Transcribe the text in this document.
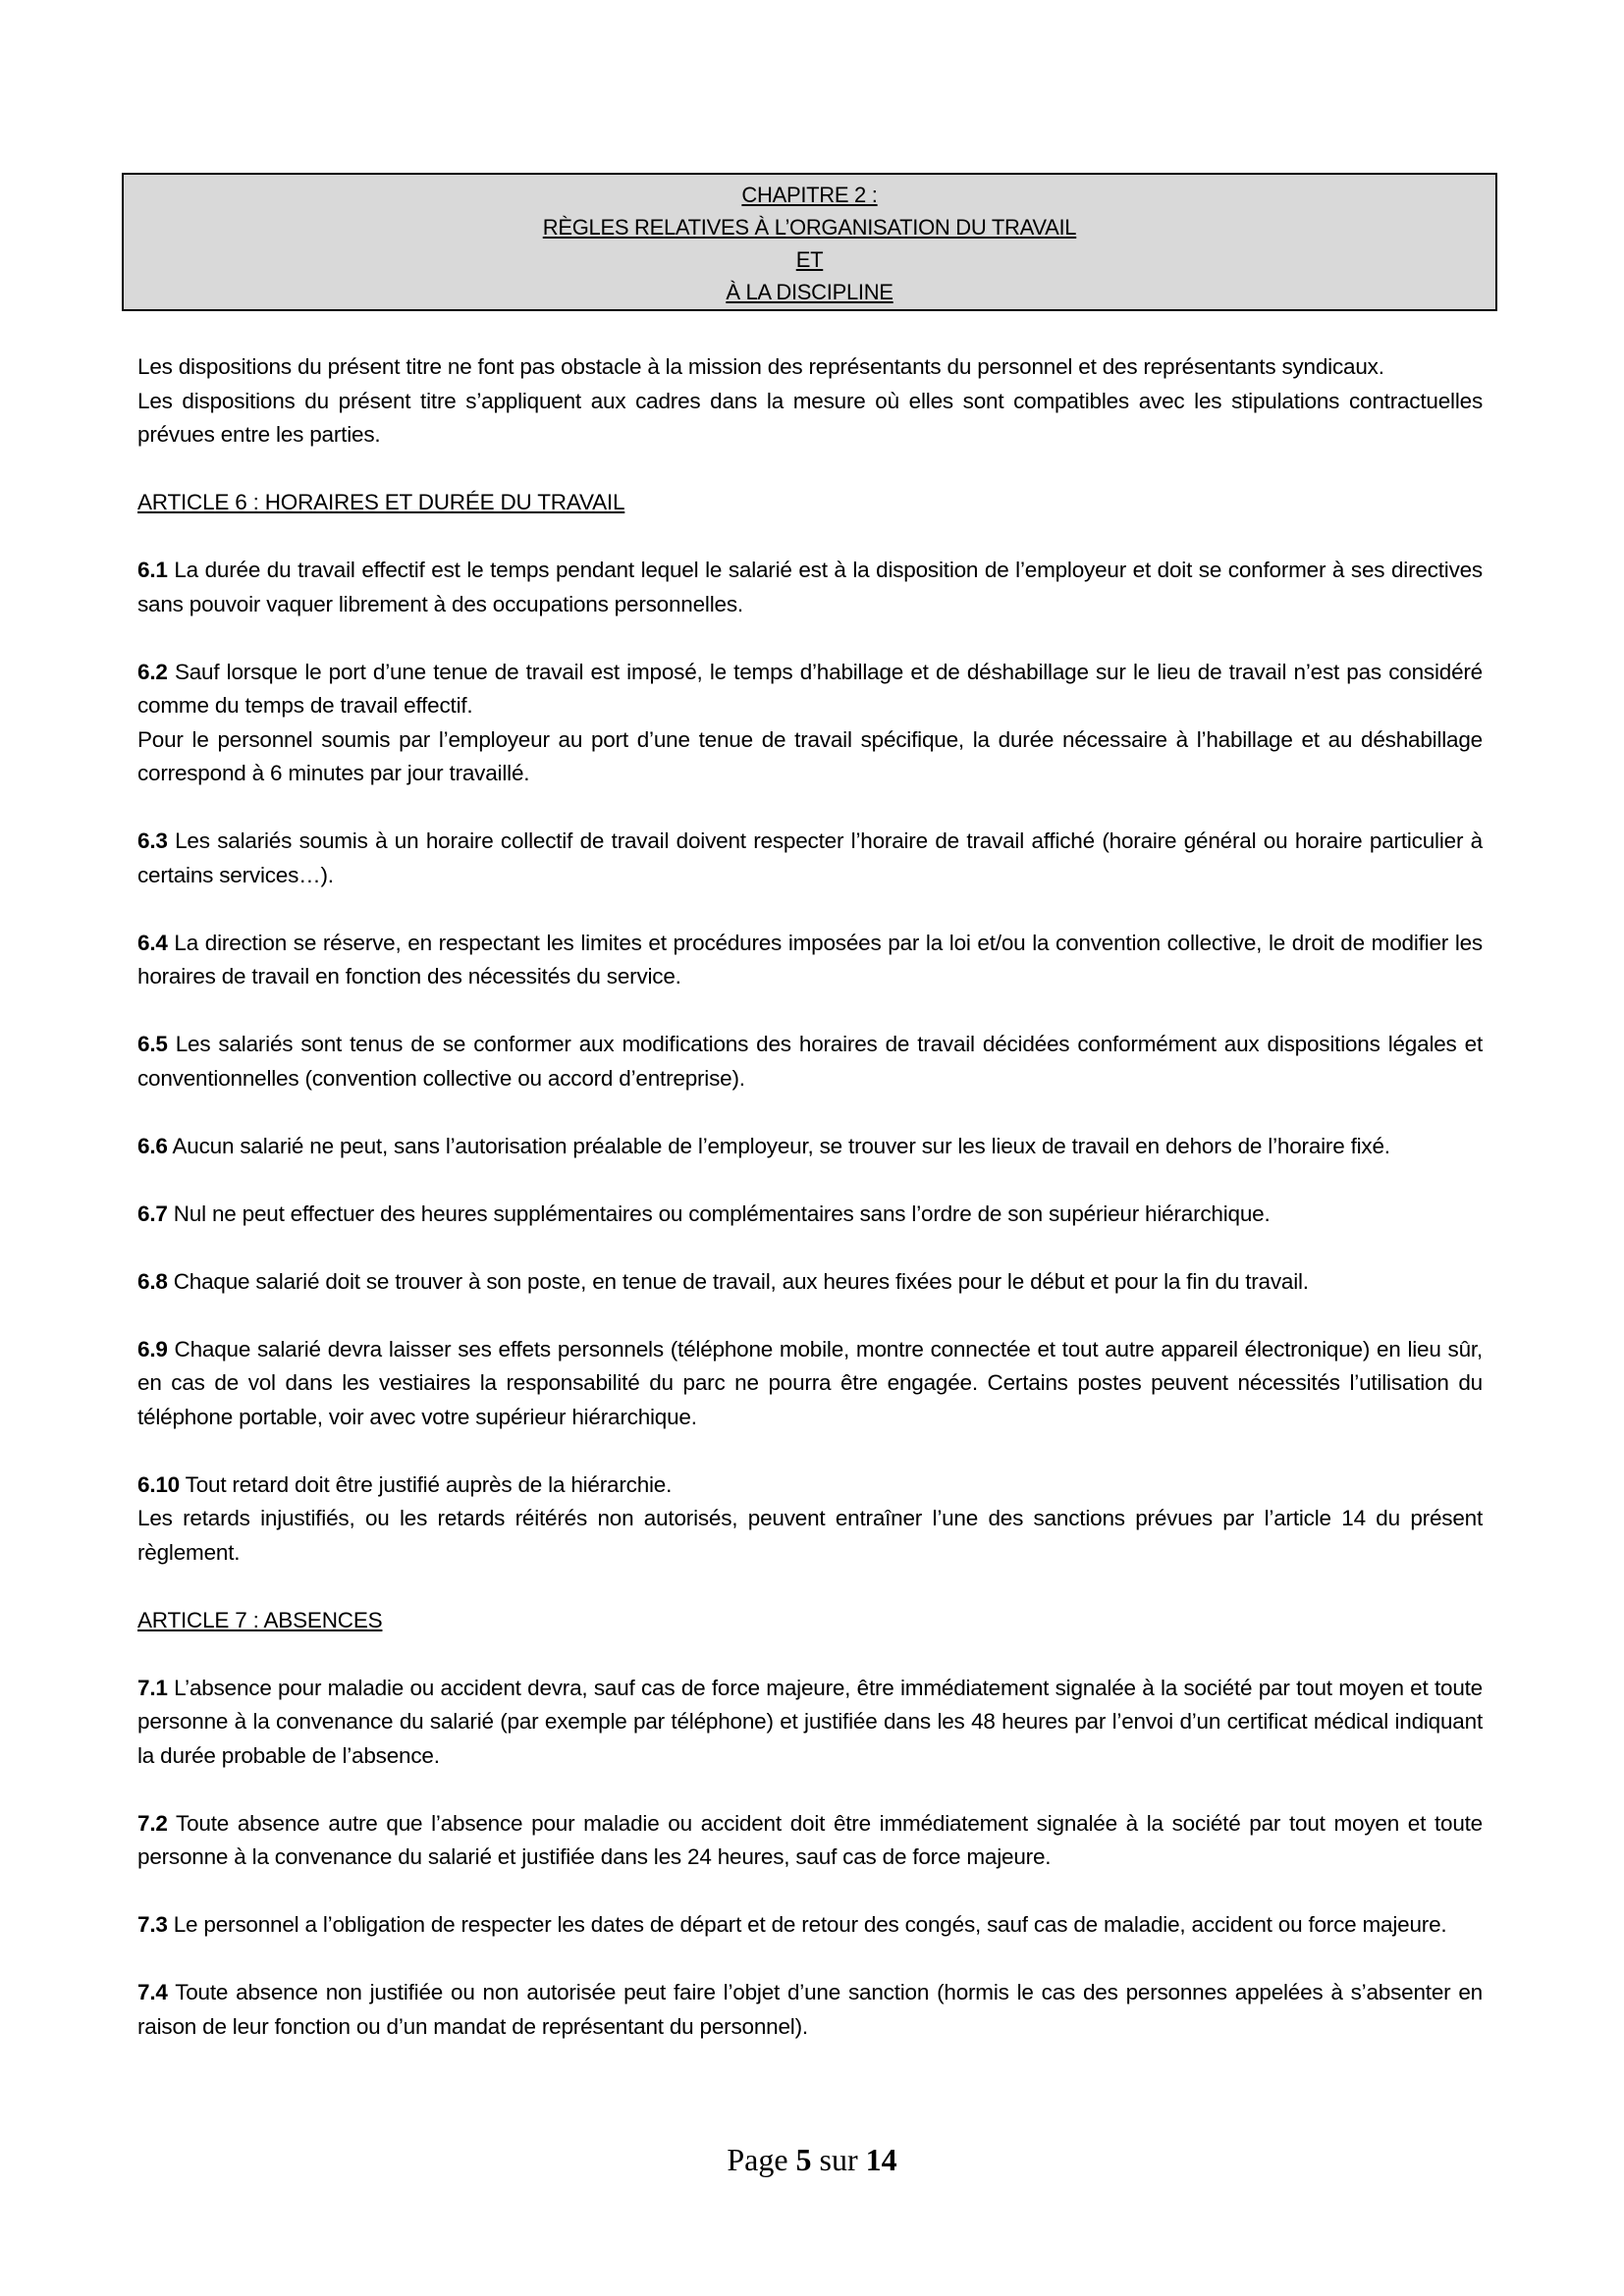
CHAPITRE 2 :
RÈGLES RELATIVES À L’ORGANISATION DU TRAVAIL
ET
À LA DISCIPLINE

Les dispositions du présent titre ne font pas obstacle à la mission des représentants du personnel et des représentants syndicaux.

Les dispositions du présent titre s’appliquent aux cadres dans la mesure où elles sont compatibles avec les stipulations contractuelles prévues entre les parties.

ARTICLE 6 : HORAIRES ET DURÉE DU TRAVAIL

6.1 La durée du travail effectif est le temps pendant lequel le salarié est à la disposition de l’employeur et doit se conformer à ses directives sans pouvoir vaquer librement à des occupations personnelles.

6.2 Sauf lorsque le port d’une tenue de travail est imposé, le temps d’habillage et de déshabillage sur le lieu de travail n’est pas considéré comme du temps de travail effectif.

Pour le personnel soumis par l’employeur au port d’une tenue de travail spécifique, la durée nécessaire à l’habillage et au déshabillage correspond à 6 minutes par jour travaillé.

6.3 Les salariés soumis à un horaire collectif de travail doivent respecter l’horaire de travail affiché (horaire général ou horaire particulier à certains services…).

6.4 La direction se réserve, en respectant les limites et procédures imposées par la loi et/ou la convention collective, le droit de modifier les horaires de travail en fonction des nécessités du service.

6.5 Les salariés sont tenus de se conformer aux modifications des horaires de travail décidées conformément aux dispositions légales et conventionnelles (convention collective ou accord d’entreprise).

6.6 Aucun salarié ne peut, sans l’autorisation préalable de l’employeur, se trouver sur les lieux de travail en dehors de l’horaire fixé.

6.7 Nul ne peut effectuer des heures supplémentaires ou complémentaires sans l’ordre de son supérieur hiérarchique.

6.8 Chaque salarié doit se trouver à son poste, en tenue de travail, aux heures fixées pour le début et pour la fin du travail.

6.9 Chaque salarié devra laisser ses effets personnels (téléphone mobile, montre connectée et tout autre appareil électronique) en lieu sûr, en cas de vol dans les vestiaires la responsabilité du parc ne pourra être engagée. Certains postes peuvent nécessités l’utilisation du téléphone portable, voir avec votre supérieur hiérarchique.

6.10 Tout retard doit être justifié auprès de la hiérarchie.

Les retards injustifiés, ou les retards réitérés non autorisés, peuvent entraîner l’une des sanctions prévues par l’article 14 du présent règlement.

ARTICLE 7 : ABSENCES

7.1 L’absence pour maladie ou accident devra, sauf cas de force majeure, être immédiatement signalée à la société par tout moyen et toute personne à la convenance du salarié (par exemple par téléphone) et justifiée dans les 48 heures par l’envoi d’un certificat médical indiquant la durée probable de l’absence.

7.2 Toute absence autre que l’absence pour maladie ou accident doit être immédiatement signalée à la société par tout moyen et toute personne à la convenance du salarié et justifiée dans les 24 heures, sauf cas de force majeure.

7.3 Le personnel a l’obligation de respecter les dates de départ et de retour des congés, sauf cas de maladie, accident ou force majeure.

7.4 Toute absence non justifiée ou non autorisée peut faire l’objet d’une sanction (hormis le cas des personnes appelées à s’absenter en raison de leur fonction ou d’un mandat de représentant du personnel).

Page 5 sur 14
